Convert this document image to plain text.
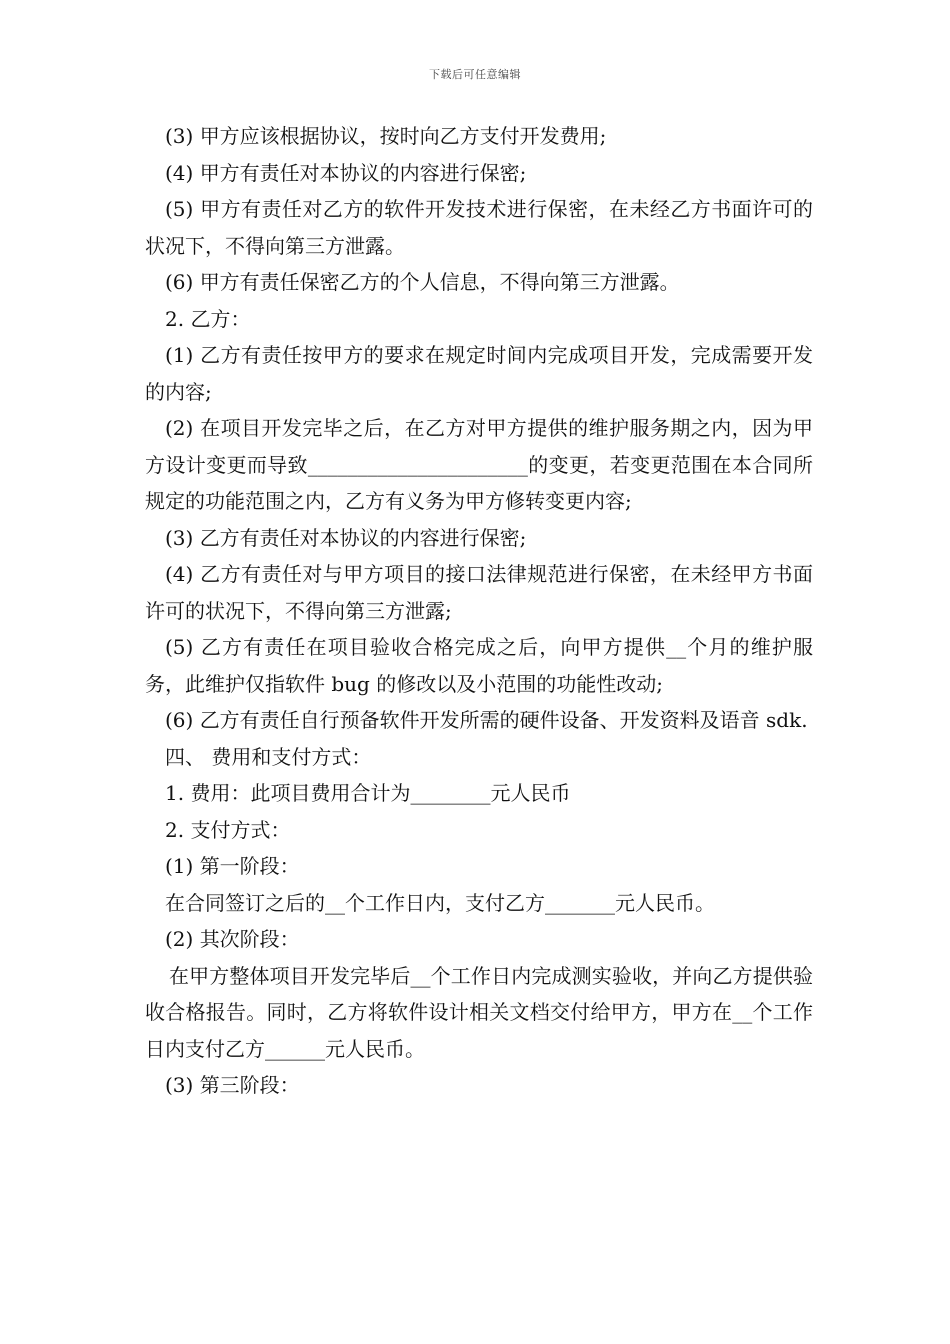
下载后可任意编辑

(3) 甲方应该根据协议，按时向乙方支付开发费用;

(4) 甲方有责任对本协议的内容进行保密;

(5) 甲方有责任对乙方的软件开发技术进行保密，在未经乙方书面许可的状况下，不得向第三方泄露。

(6) 甲方有责任保密乙方的个人信息，不得向第三方泄露。

2. 乙方：

(1) 乙方有责任按甲方的要求在规定时间内完成项目开发，完成需要开发的内容;

(2) 在项目开发完毕之后，在乙方对甲方提供的维护服务期之内，因为甲方设计变更而导致______________________的变更，若变更范围在本合同所规定的功能范围之内，乙方有义务为甲方修转变更内容;

(3) 乙方有责任对本协议的内容进行保密;

(4) 乙方有责任对与甲方项目的接口法律规范进行保密，在未经甲方书面许可的状况下，不得向第三方泄露;

(5) 乙方有责任在项目验收合格完成之后，向甲方提供__个月的维护服务，此维护仅指软件 bug 的修改以及小范围的功能性改动;

(6) 乙方有责任自行预备软件开发所需的硬件设备、开发资料及语音 sdk.

四、 费用和支付方式：

1. 费用：此项目费用合计为________元人民币

2. 支付方式：

(1) 第一阶段：

在合同签订之后的__个工作日内，支付乙方_______元人民币。

(2) 其次阶段：

在甲方整体项目开发完毕后__个工作日内完成测实验收，并向乙方提供验收合格报告。同时，乙方将软件设计相关文档交付给甲方，甲方在__个工作日内支付乙方______元人民币。

(3) 第三阶段：
